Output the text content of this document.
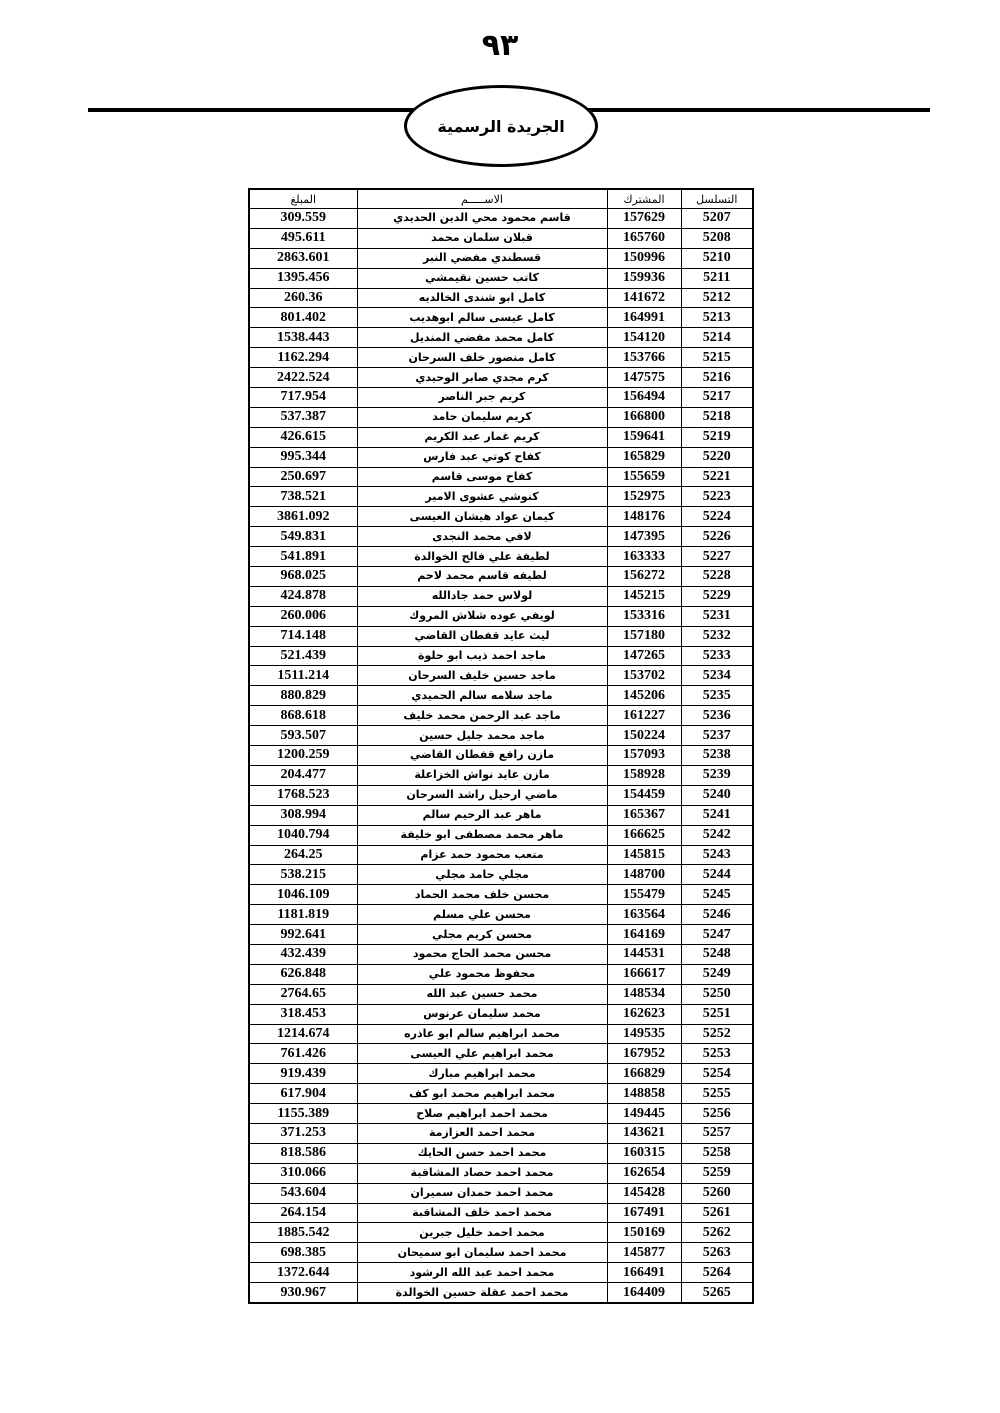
٩٣
الجريدة الرسمية
التسلسل	المشترك	الاســـــم	المبلغ
5207	157629	قاسم محمود محي الدين الحديدي	309.559
5208	165760	قبلان سلمان محمد	495.611
5210	150996	قسطندي مفضي النبر	2863.601
5211	159936	كاتب حسين نقيمشي	1395.456
5212	141672	كامل ابو شندى الخالديه	260.36
5213	164991	كامل عيسى سالم ابوهديب	801.402
5214	154120	كامل محمد مفضي المنديل	1538.443
5215	153766	كامل منصور خلف السرحان	1162.294
5216	147575	كرم مجدي صابر الوحيدي	2422.524
5217	156494	كريم جبر الناصر	717.954
5218	166800	كريم سليمان حامد	537.387
5219	159641	كريم غمار عبد الكريم	426.615
5220	165829	كفاح كوتي عبد فارس	995.344
5221	155659	كفاح موسى قاسم	250.697
5223	152975	كنوشي عشوى الامير	738.521
5224	148176	كيمان عواد هيشان العيسى	3861.092
5226	147395	لافي محمد النجدى	549.831
5227	163333	لطيفة علي فالح الخوالدة	541.891
5228	156272	لطيفه قاسم محمد لاحم	968.025
5229	145215	لولاس حمد جادالله	424.878
5231	153316	لويفي عوده شلاش المروك	260.006
5232	157180	ليث عايد قفطان القاضي	714.148
5233	147265	ماجد احمد ذيب ابو حلوة	521.439
5234	153702	ماجد حسين خليف السرحان	1511.214
5235	145206	ماجد سلامه سالم الحميدي	880.829
5236	161227	ماجد عبد الرحمن محمد خليف	868.618
5237	150224	ماجد محمد جليل حسين	593.507
5238	157093	مازن رافع قفطان القاضي	1200.259
5239	158928	مازن عايد نواش الخزاعلة	204.477
5240	154459	ماضي ارحيل راشد السرحان	1768.523
5241	165367	ماهر عبد الرحيم سالم	308.994
5242	166625	ماهر محمد مصطفى ابو خليفة	1040.794
5243	145815	متعب محمود حمد عزام	264.25
5244	148700	مجلي حامد مجلي	538.215
5245	155479	محسن خلف محمد الحماد	1046.109
5246	163564	محسن علي مسلم	1181.819
5247	164169	محسن كريم مجلي	992.641
5248	144531	محسن محمد الحاج محمود	432.439
5249	166617	محفوظ محمود علي	626.848
5250	148534	محمد حسين عبد الله	2764.65
5251	162623	محمد سليمان عرنوس	318.453
5252	149535	محمد ابراهيم سالم ابو عاذره	1214.674
5253	167952	محمد ابراهيم علي العيسى	761.426
5254	166829	محمد ابراهيم مبارك	919.439
5255	148858	محمد ابراهيم محمد ابو كف	617.904
5256	149445	محمد احمد ابراهيم صلاح	1155.389
5257	143621	محمد احمد العزازمة	371.253
5258	160315	محمد احمد حسن الحايك	818.586
5259	162654	محمد احمد حصاد المشاقبة	310.066
5260	145428	محمد احمد حمدان سميران	543.604
5261	167491	محمد احمد خلف المشاقبة	264.154
5262	150169	محمد احمد خليل جبرين	1885.542
5263	145877	محمد احمد سليمان ابو سميحان	698.385
5264	166491	محمد احمد عبد الله الرشود	1372.644
5265	164409	محمد احمد عقلة حسين الخوالدة	930.967
